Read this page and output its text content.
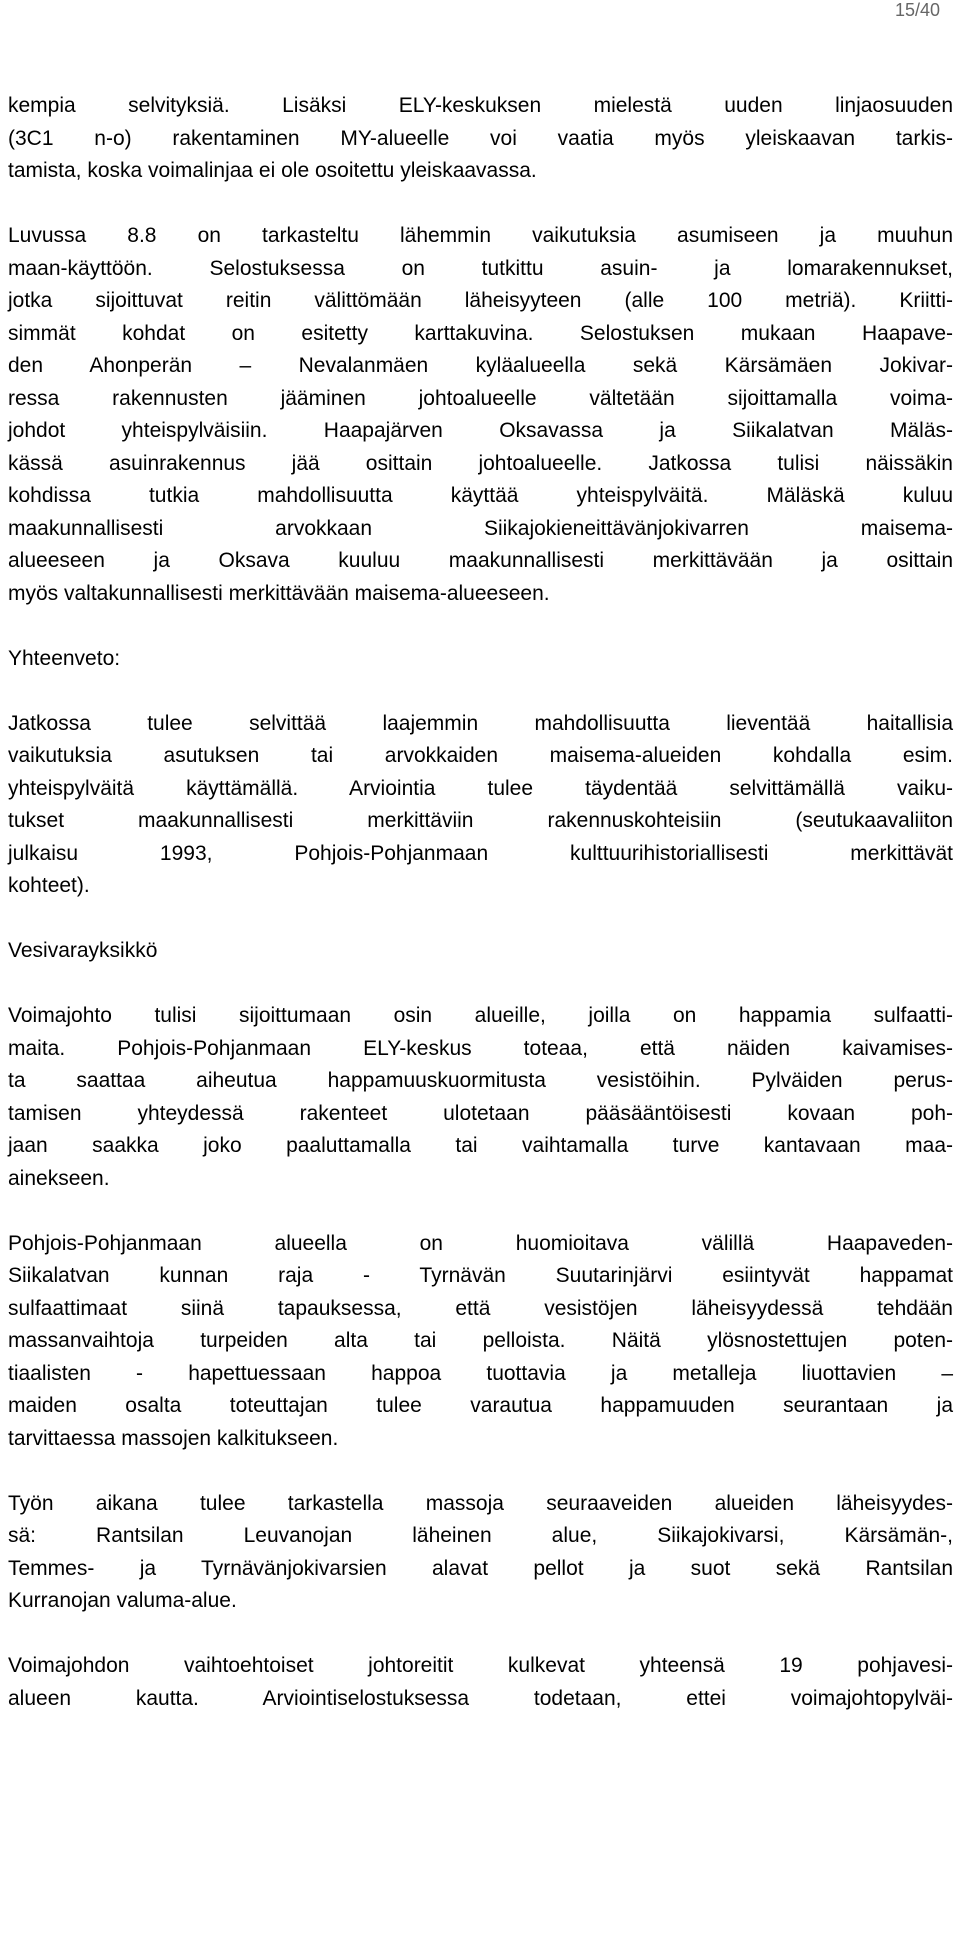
15/40

kempia selvityksiä. Lisäksi ELY-keskuksen mielestä uuden linjaosuuden
(3C1 n-o) rakentaminen MY-alueelle voi vaatia myös yleiskaavan tarkis-
tamista, koska voimalinjaa ei ole osoitettu yleiskaavassa.

Luvussa 8.8 on tarkasteltu lähemmin vaikutuksia asumiseen ja muuhun
maan-käyttöön. Selostuksessa on tutkittu asuin- ja lomarakennukset,
jotka sijoittuvat reitin välittömään läheisyyteen (alle 100 metriä). Kriitti-
simmät kohdat on esitetty karttakuvina. Selostuksen mukaan Haapave-
den Ahonperän – Nevalanmäen kyläalueella sekä Kärsämäen Jokivar-
ressa rakennusten jääminen johtoalueelle vältetään sijoittamalla voima-
johdot yhteispylväisiin. Haapajärven Oksavassa ja Siikalatvan Mäläs-
kässä asuinrakennus jää osittain johtoalueelle. Jatkossa tulisi näissäkin
kohdissa tutkia mahdollisuutta käyttää yhteispylväitä. Mäläskä kuluu
maakunnallisesti arvokkaan Siikajokieneittävänjokivarren maisema-
alueeseen ja Oksava kuuluu maakunnallisesti merkittävään ja osittain
myös valtakunnallisesti merkittävään maisema-alueeseen.

Yhteenveto:

Jatkossa tulee selvittää laajemmin mahdollisuutta lieventää haitallisia
vaikutuksia asutuksen tai arvokkaiden maisema-alueiden kohdalla esim.
yhteispylväitä käyttämällä. Arviointia tulee täydentää selvittämällä vaiku-
tukset maakunnallisesti merkittäviin rakennuskohteisiin (seutukaavaliiton
julkaisu 1993, Pohjois-Pohjanmaan kulttuurihistoriallisesti merkittävät
kohteet).

Vesivarayksikkö

Voimajohto tulisi sijoittumaan osin alueille, joilla on happamia sulfaatti-
maita. Pohjois-Pohjanmaan ELY-keskus toteaa, että näiden kaivamises-
ta saattaa aiheutua happamuuskuormitusta vesistöihin. Pylväiden perus-
tamisen yhteydessä rakenteet ulotetaan pääsääntöisesti kovaan poh-
jaan saakka joko paaluttamalla tai vaihtamalla turve kantavaan maa-
ainekseen.

Pohjois-Pohjanmaan alueella on huomioitava välillä Haapaveden-
Siikalatvan kunnan raja - Tyrnävän Suutarinjärvi esiintyvät happamat
sulfaattimaat siinä tapauksessa, että vesistöjen läheisyydessä tehdään
massanvaihtoja turpeiden alta tai pelloista. Näitä ylösnostettujen poten-
tiaalisten - hapettuessaan happoa tuottavia ja metalleja liuottavien –
maiden osalta toteuttajan tulee varautua happamuuden seurantaan ja
tarvittaessa massojen kalkitukseen.

Työn aikana tulee tarkastella massoja seuraaveiden alueiden läheisyydes-
sä: Rantsilan Leuvanojan läheinen alue, Siikajokivarsi, Kärsämän-,
Temmes- ja Tyrnävänjokivarsien alavat pellot ja suot sekä Rantsilan
Kurranojan valuma-alue.

Voimajohdon vaihtoehtoiset johtoreitit kulkevat yhteensä 19 pohjavesi-
alueen kautta. Arviointiselostuksessa todetaan, ettei voimajohtopylväi-
